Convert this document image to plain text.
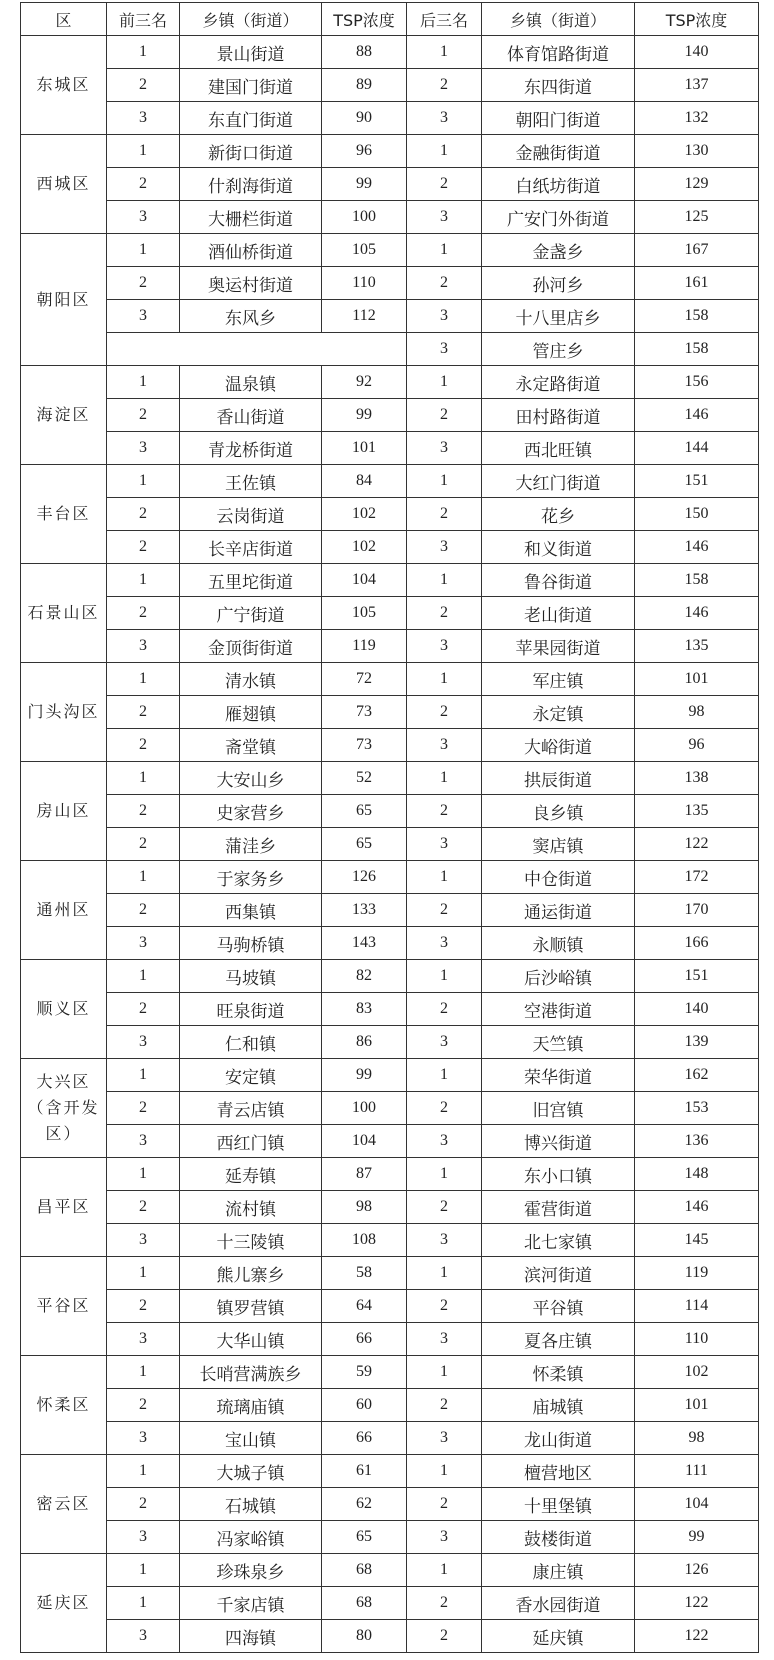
区	前三名	乡镇（街道）	TSP浓度	后三名	乡镇（街道）	TSP浓度
东城区	1	景山街道	88	1	体育馆路街道	140
	2	建国门街道	89	2	东四街道	137
	3	东直门街道	90	3	朝阳门街道	132
西城区	1	新街口街道	96	1	金融街街道	130
	2	什刹海街道	99	2	白纸坊街道	129
	3	大栅栏街道	100	3	广安门外街道	125
朝阳区	1	酒仙桥街道	105	1	金盏乡	167
	2	奥运村街道	110	2	孙河乡	161
	3	东风乡	112	3	十八里店乡	158
				3	管庄乡	158
海淀区	1	温泉镇	92	1	永定路街道	156
	2	香山街道	99	2	田村路街道	146
	3	青龙桥街道	101	3	西北旺镇	144
丰台区	1	王佐镇	84	1	大红门街道	151
	2	云岗街道	102	2	花乡	150
	2	长辛店街道	102	3	和义街道	146
石景山区	1	五里坨街道	104	1	鲁谷街道	158
	2	广宁街道	105	2	老山街道	146
	3	金顶街街道	119	3	苹果园街道	135
门头沟区	1	清水镇	72	1	军庄镇	101
	2	雁翅镇	73	2	永定镇	98
	2	斋堂镇	73	3	大峪街道	96
房山区	1	大安山乡	52	1	拱辰街道	138
	2	史家营乡	65	2	良乡镇	135
	2	蒲洼乡	65	3	窦店镇	122
通州区	1	于家务乡	126	1	中仓街道	172
	2	西集镇	133	2	通运街道	170
	3	马驹桥镇	143	3	永顺镇	166
顺义区	1	马坡镇	82	1	后沙峪镇	151
	2	旺泉街道	83	2	空港街道	140
	3	仁和镇	86	3	天竺镇	139
大兴区（含开发区）	1	安定镇	99	1	荣华街道	162
	2	青云店镇	100	2	旧宫镇	153
	3	西红门镇	104	3	博兴街道	136
昌平区	1	延寿镇	87	1	东小口镇	148
	2	流村镇	98	2	霍营街道	146
	3	十三陵镇	108	3	北七家镇	145
平谷区	1	熊儿寨乡	58	1	滨河街道	119
	2	镇罗营镇	64	2	平谷镇	114
	3	大华山镇	66	3	夏各庄镇	110
怀柔区	1	长哨营满族乡	59	1	怀柔镇	102
	2	琉璃庙镇	60	2	庙城镇	101
	3	宝山镇	66	3	龙山街道	98
密云区	1	大城子镇	61	1	檀营地区	111
	2	石城镇	62	2	十里堡镇	104
	3	冯家峪镇	65	3	鼓楼街道	99
延庆区	1	珍珠泉乡	68	1	康庄镇	126
	1	千家店镇	68	2	香水园街道	122
	3	四海镇	80	2	延庆镇	122
